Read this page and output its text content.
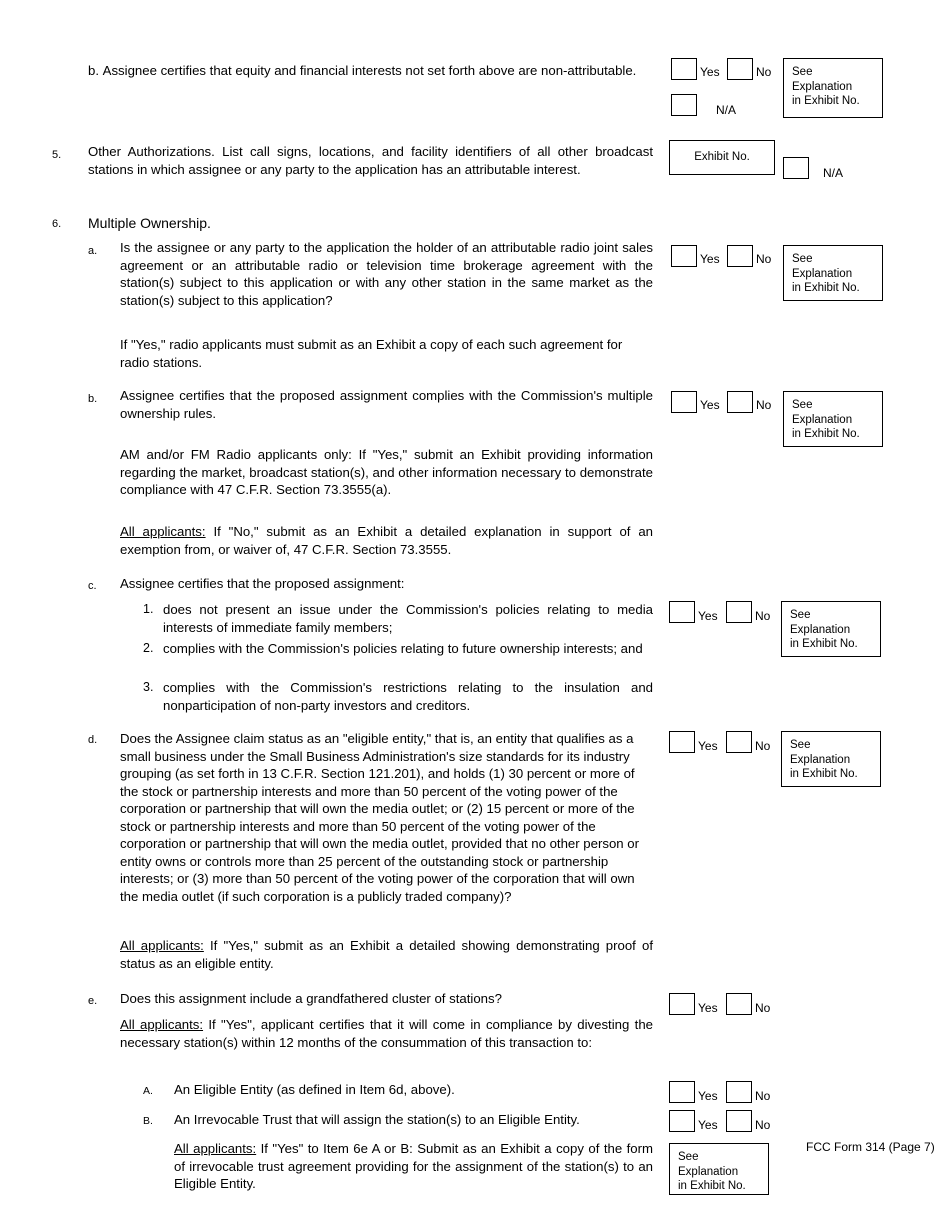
b. Assignee certifies that equity and financial interests not set forth above are non-attributable.	Yes	No
N/A
See Explanation
in Exhibit No.
5. Other Authorizations. List call signs, locations, and facility identifiers of all other broadcast stations in which assignee or any party to the application has an attributable interest.
Exhibit No.
N/A
6. Multiple Ownership.
a. Is the assignee or any party to the application the holder of an attributable radio joint sales agreement or an attributable radio or television time brokerage agreement with the station(s) subject to this application or with any other station in the same market as the station(s) subject to this application?
If "Yes," radio applicants must submit as an Exhibit a copy of each such agreement for radio stations.
Yes	No See Explanation
in Exhibit No.
b. Assignee certifies that the proposed assignment complies with the Commission's multiple ownership rules.
AM and/or FM Radio applicants only: If "Yes," submit an Exhibit providing information regarding the market, broadcast station(s), and other information necessary to demonstrate compliance with 47 C.F.R. Section 73.3555(a).
All applicants: If "No," submit as an Exhibit a detailed explanation in support of an exemption from, or waiver of, 47 C.F.R. Section 73.3555.
Yes	No See Explanation
in Exhibit No.
c. Assignee certifies that the proposed assignment:
1. does not present an issue under the Commission's policies relating to media interests of immediate family members;
2. complies with the Commission's policies relating to future ownership interests; and
3. complies with the Commission's restrictions relating to the insulation and nonparticipation of non-party investors and creditors.
Yes	No See Explanation
in Exhibit No.
d. Does the Assignee claim status as an "eligible entity," that is, an entity that qualifies as a small business under the Small Business Administration's size standards for its industry grouping (as set forth in 13 C.F.R. Section 121.201), and holds (1) 30 percent or more of the stock or partnership interests and more than 50 percent of the voting power of the corporation or partnership that will own the media outlet; or (2) 15 percent or more of the stock or partnership interests and more than 50 percent of the voting power of the corporation or partnership that will own the media outlet, provided that no other person or entity owns or controls more than 25 percent of the outstanding stock or partnership interests; or (3) more than 50 percent of the voting power of the corporation that will own the media outlet (if such corporation is a publicly traded company)?
All applicants: If "Yes," submit as an Exhibit a detailed showing demonstrating proof of status as an eligible entity.
Yes	No See Explanation
in Exhibit No.
e. Does this assignment include a grandfathered cluster of stations?
All applicants: If "Yes", applicant certifies that it will come in compliance by divesting the necessary station(s) within 12 months of the consummation of this transaction to:
Yes	No
A. An Eligible Entity (as defined in Item 6d, above).	Yes	No
B. An Irrevocable Trust that will assign the station(s) to an Eligible Entity.	Yes	No
All applicants: If "Yes" to Item 6e A or B: Submit as an Exhibit a copy of the form of irrevocable trust agreement providing for the assignment of the station(s) to an Eligible Entity.
See Explanation
in Exhibit No.
FCC Form 314 (Page 7)
